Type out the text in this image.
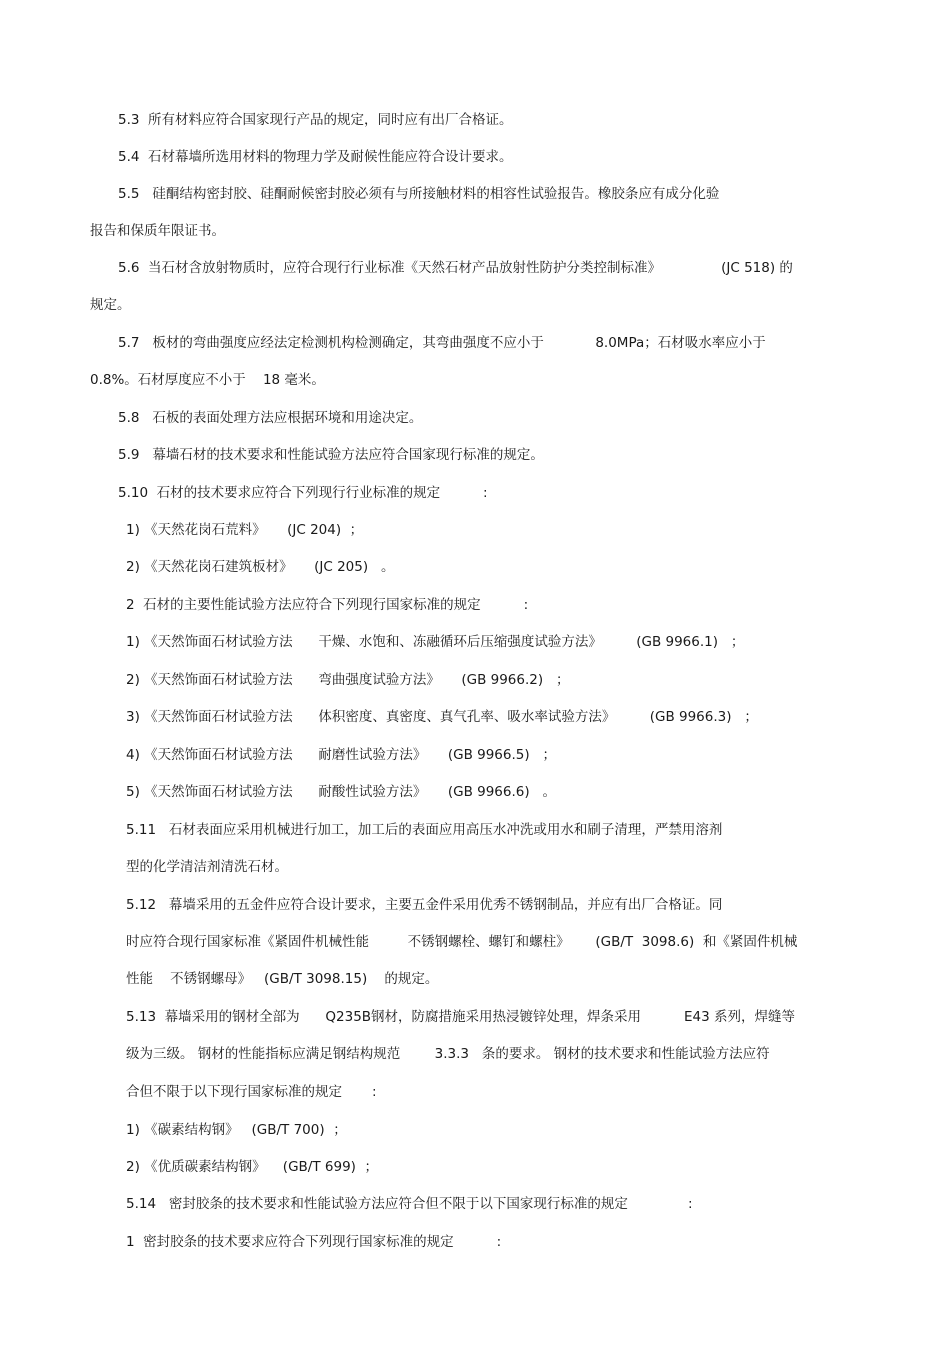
5.3  所有材料应符合国家现行产品的规定，同时应有出厂合格证。
5.4  石材幕墙所选用材料的物理力学及耐候性能应符合设计要求。
5.5   硅酮结构密封胶、硅酮耐候密封胶必须有与所接触材料的相容性试验报告。橡胶条应有成分化验
报告和保质年限证书。
5.6  当石材含放射物质时，应符合现行行业标准《天然石材产品放射性防护分类控制标准》              (JC 518) 的
规定。
5.7   板材的弯曲强度应经法定检测机构检测确定，其弯曲强度不应小于            8.0MPa；石材吸水率应小于
0.8%。石材厚度应不小于    18 毫米。
5.8   石板的表面处理方法应根据环境和用途决定。
5.9   幕墙石材的技术要求和性能试验方法应符合国家现行标准的规定。
5.10  石材的技术要求应符合下列现行行业标准的规定          :
1) 《天然花岗石荒料》     (JC 204)  ；
2) 《天然花岗石建筑板材》     (JC 205)   。
2  石材的主要性能试验方法应符合下列现行国家标准的规定          :
1) 《天然饰面石材试验方法      干燥、水饱和、冻融循环后压缩强度试验方法》        (GB 9966.1)   ；
2) 《天然饰面石材试验方法      弯曲强度试验方法》     (GB 9966.2)   ；
3) 《天然饰面石材试验方法      体积密度、真密度、真气孔率、吸水率试验方法》        (GB 9966.3)   ；
4) 《天然饰面石材试验方法      耐磨性试验方法》     (GB 9966.5)   ；
5) 《天然饰面石材试验方法      耐酸性试验方法》     (GB 9966.6)   。
5.11   石材表面应采用机械进行加工，加工后的表面应用高压水冲洗或用水和刷子清理，严禁用溶剂
型的化学清洁剂清洗石材。
5.12   幕墙采用的五金件应符合设计要求，主要五金件采用优秀不锈钢制品，并应有出厂合格证。同
时应符合现行国家标准《紧固件机械性能         不锈钢螺栓、螺钉和螺柱》      (GB/T  3098.6)  和《紧固件机械
性能    不锈钢螺母》   (GB/T 3098.15)    的规定。
5.13  幕墙采用的钢材全部为      Q235B钢材，防腐措施采用热浸镀锌处理，焊条采用          E43 系列，焊缝等
级为三级。 钢材的性能指标应满足钢结构规范        3.3.3   条的要求。 钢材的技术要求和性能试验方法应符
合但不限于以下现行国家标准的规定       :
1) 《碳素结构钢》   (GB/T 700)  ；
2) 《优质碳素结构钢》    (GB/T 699)  ；
5.14   密封胶条的技术要求和性能试验方法应符合但不限于以下国家现行标准的规定              :
1  密封胶条的技术要求应符合下列现行国家标准的规定          :
